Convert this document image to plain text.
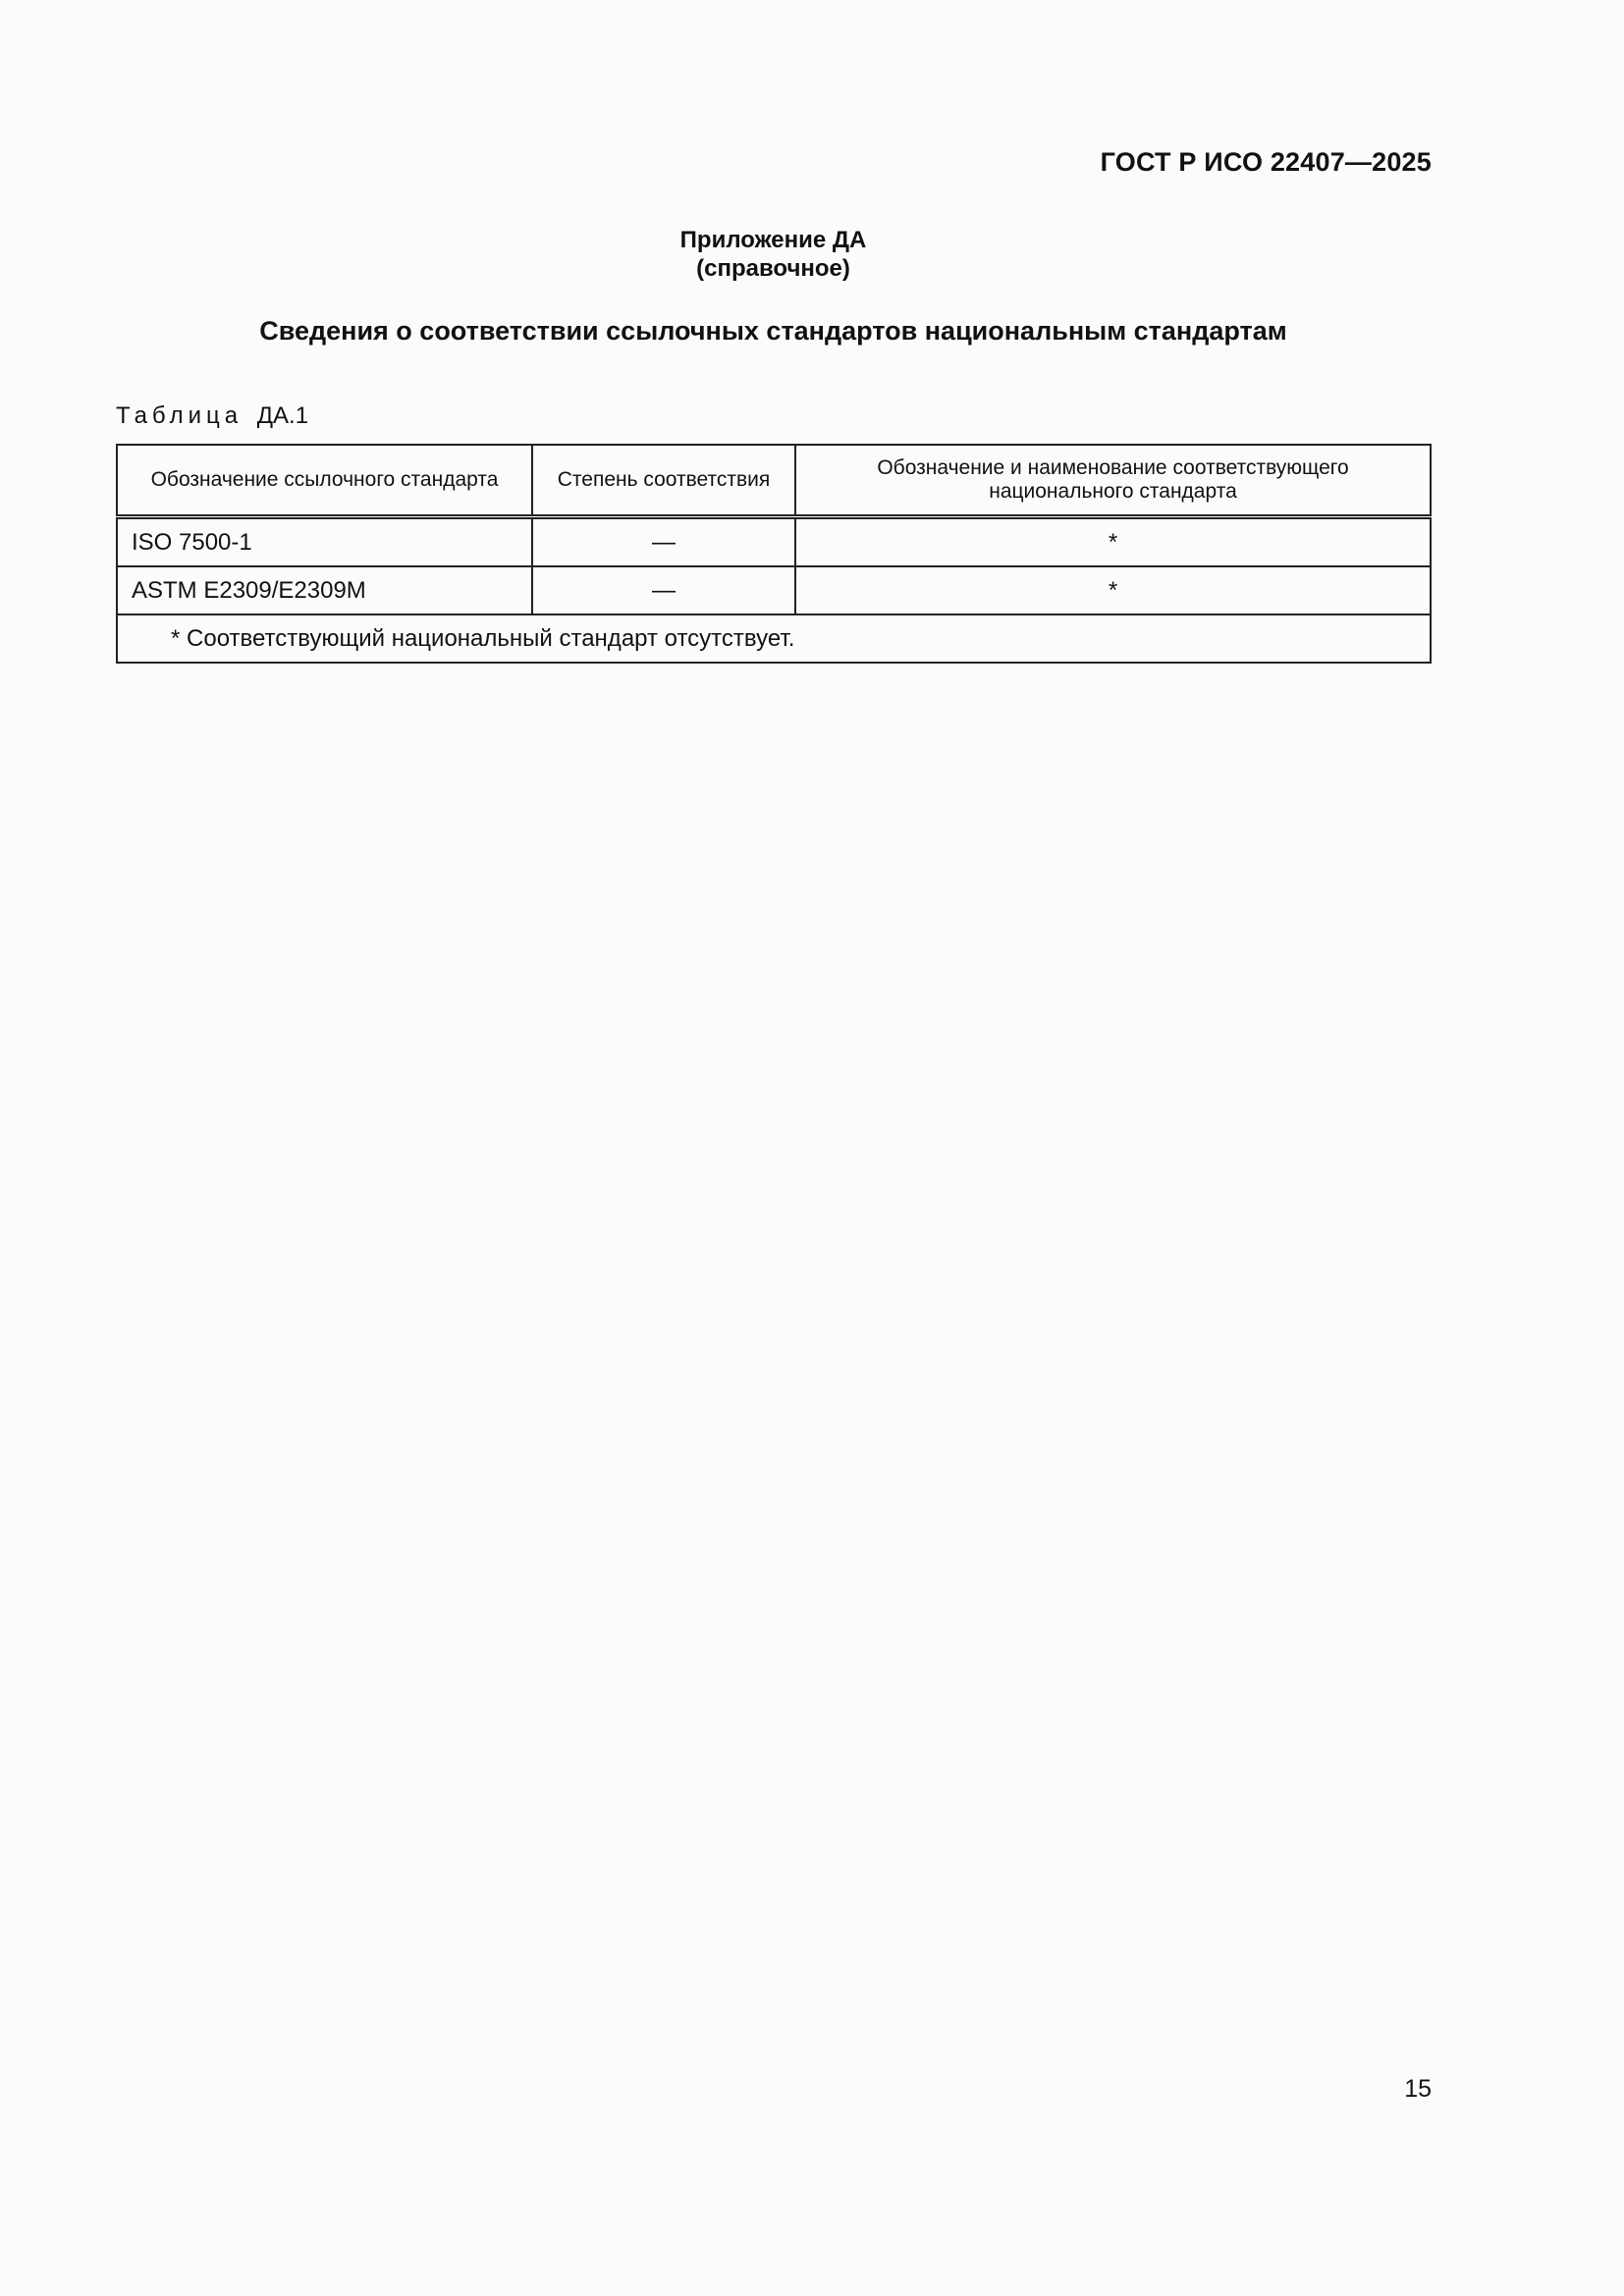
ГОСТ Р ИСО 22407—2025
Приложение ДА
(справочное)
Сведения о соответствии ссылочных стандартов национальным стандартам
Таблица ДА.1
Обозначение ссылочного стандарта	Степень соответствия	Обозначение и наименование соответствующего национального стандарта
ISO 7500-1	—	*
ASTM E2309/E2309M	—	*
* Соответствующий национальный стандарт отсутствует.		
15
